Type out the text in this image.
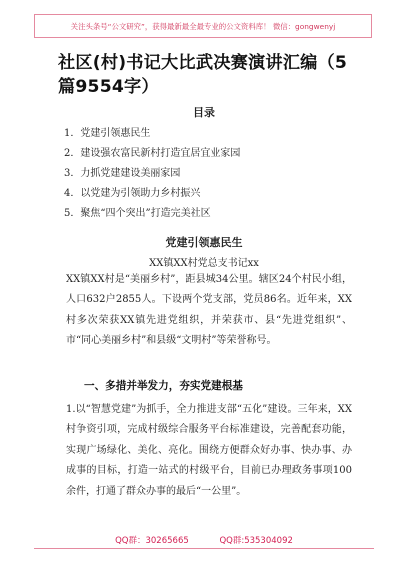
关注头条号“公文研究”，获得最新最全最专业的公文资料库！ 微信：gongwenyj
社区(村)书记大比武决赛演讲汇编（5 篇9554字）
目录
1．党建引领惠民生
2．建设强农富民新村打造宜居宜业家园
3．力抓党建建设美丽家园
4．以党建为引领助力乡村振兴
5．聚焦“四个突出”打造完美社区
党建引领惠民生
XX镇XX村党总支书记xx

XX镇XX村是“美丽乡村”，距县城34公里。辖区24个村民小组，人口632户2855人。下设两个党支部，党员86名。近年来，XX村多次荣获XX镇先进党组织，并荣获市、县“先进党组织”、市“同心美丽乡村”和县级“文明村”等荣誉称号。

一、多措并举发力，夯实党建根基

1.以“智慧党建”为抓手，全力推进支部“五化”建设。三年来，XX村争资引项，完成村级综合服务平台标准建设，完善配套功能，实现广场绿化、美化、亮化。围绕方便群众好办事、快办事、办成事的目标，打造一站式的村级平台，目前已办理政务事项100余件，打通了群众办事的最后“一公里”。

QQ群：30265665	QQ群:535304092
